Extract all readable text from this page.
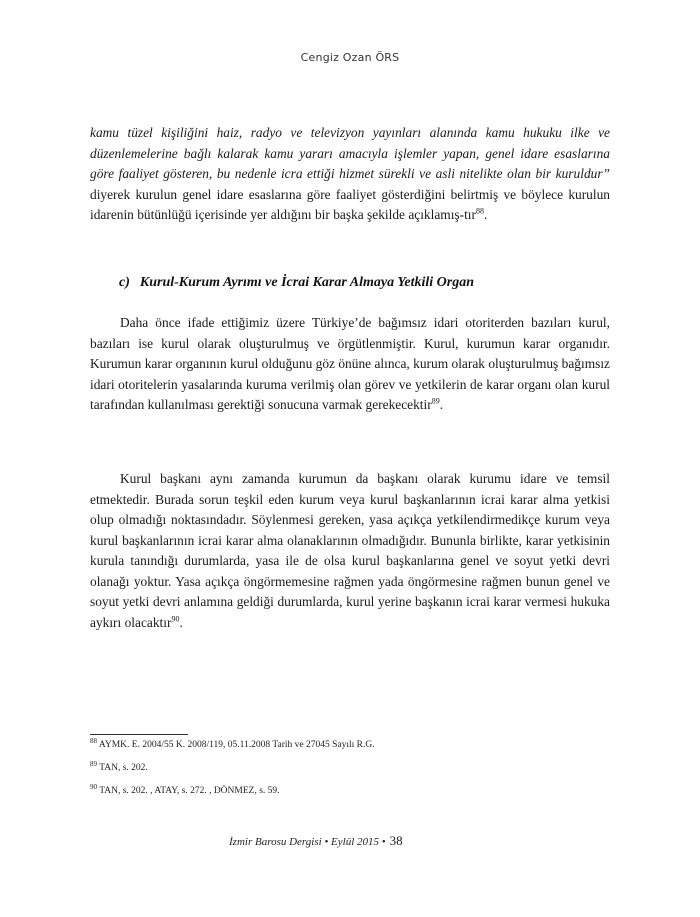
Cengiz Ozan ÖRS

kamu tüzel kişiliğini haiz, radyo ve televizyon yayınları alanında kamu hukuku ilke ve düzenlemelerine bağlı kalarak kamu yararı amacıyla işlemler yapan, genel idare esaslarına göre faaliyet gösteren, bu nedenle icra ettiği hizmet sürekli ve asli nitelikte olan bir kuruldur” diyerek kurulun genel idare esaslarına göre faaliyet gösterdiğini belirtmiş ve böylece kurulun idarenin bütünlüğü içerisinde yer aldığını bir başka şekilde açıklamış-tır$^{88}$.

c) Kurul-Kurum Ayrımı ve İcrai Karar Almaya Yetkili Organ

Daha önce ifade ettiğimiz üzere Türkiye’de bağımsız idari otoriterden bazıları kurul, bazıları ise kurul olarak oluşturulmuş ve örgütlenmiştir. Kurul, kurumun karar organıdır. Kurumun karar organının kurul olduğunu göz önüne alınca, kurum olarak oluşturulmuş bağımsız idari otoritelerin yasalarında kuruma verilmiş olan görev ve yetkilerin de karar organı olan kurul tarafından kullanılması gerektiği sonucuna varmak gerekecektir$^{89}$.

Kurul başkanı aynı zamanda kurumun da başkanı olarak kurumu idare ve temsil etmektedir. Burada sorun teşkil eden kurum veya kurul başkanlarının icrai karar alma yetkisi olup olmadığı noktasındadır. Söylenmesi gereken, yasa açıkça yetkilendirmedikçe kurum veya kurul başkanlarının icrai karar alma olanaklarının olmadığıdır. Bununla birlikte, karar yetkisinin kurula tanındığı durumlarda, yasa ile de olsa kurul başkanlarına genel ve soyut yetki devri olanağı yoktur. Yasa açıkça öngörmemesine rağmen yada öngörmesine rağmen bunun genel ve soyut yetki devri anlamına geldiği durumlarda, kurul yerine başkanın icrai karar vermesi hukuka aykırı olacaktır$^{90}$.

$^{88}$ AYMK. E. 2004/55 K. 2008/119, 05.11.2008 Tarih ve 27045 Sayılı R.G.
$^{89}$ TAN, s. 202.
$^{90}$ TAN, s. 202. , ATAY, s. 272. , DÖNMEZ, s. 59.
İzmir Barosu Dergisi • Eylül 2015 • 38
